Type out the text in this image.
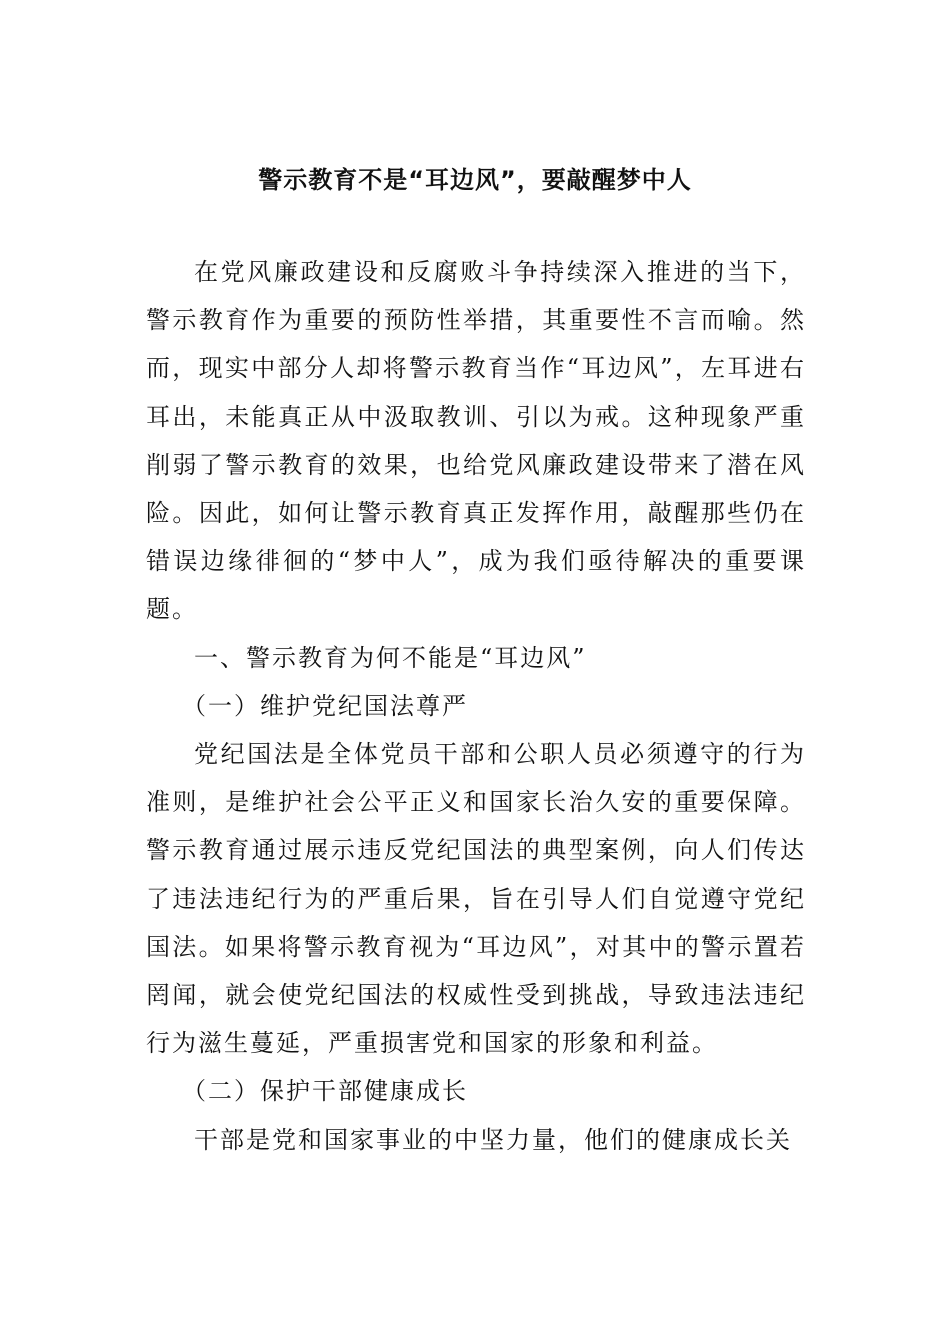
警示教育不是“耳边风”，要敲醒梦中人

在党风廉政建设和反腐败斗争持续深入推进的当下，警示教育作为重要的预防性举措，其重要性不言而喻。然而，现实中部分人却将警示教育当作“耳边风”，左耳进右耳出，未能真正从中汲取教训、引以为戒。这种现象严重削弱了警示教育的效果，也给党风廉政建设带来了潜在风险。因此，如何让警示教育真正发挥作用，敲醒那些仍在错误边缘徘徊的“梦中人”，成为我们亟待解决的重要课题。

一、警示教育为何不能是“耳边风”

（一）维护党纪国法尊严

党纪国法是全体党员干部和公职人员必须遵守的行为准则，是维护社会公平正义和国家长治久安的重要保障。警示教育通过展示违反党纪国法的典型案例，向人们传达了违法违纪行为的严重后果，旨在引导人们自觉遵守党纪国法。如果将警示教育视为“耳边风”，对其中的警示置若罔闻，就会使党纪国法的权威性受到挑战，导致违法违纪行为滋生蔓延，严重损害党和国家的形象和利益。

（二）保护干部健康成长

干部是党和国家事业的中坚力量，他们的健康成长关
